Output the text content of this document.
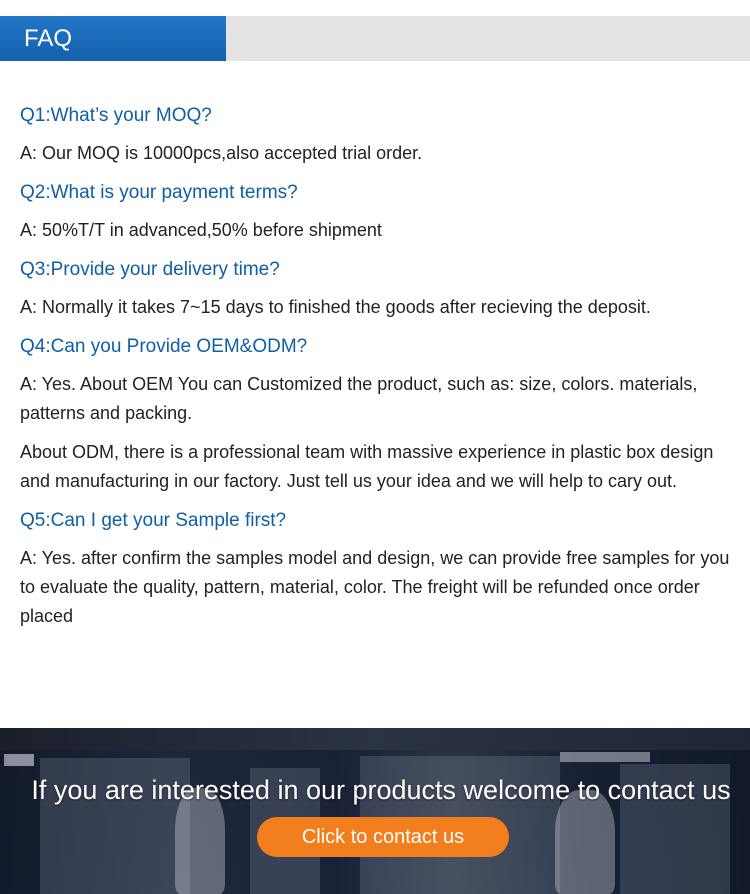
FAQ
Q1:What’s your MOQ?
A: Our MOQ is 10000pcs,also accepted trial order.
Q2:What is your payment terms?
A: 50%T/T in advanced,50% before shipment
Q3:Provide your delivery time?
A: Normally it takes 7~15 days to finished the goods after recieving the deposit.
Q4:Can you Provide OEM&ODM?
A: Yes. About OEM You can Customized the product, such as: size, colors. materials, patterns and packing.
About ODM, there is a professional team with massive experience in plastic box design and manufacturing in our factory. Just tell us your idea and we will help to cary out.
Q5:Can I get your Sample first?
A: Yes. after confirm the samples model and design, we can provide free samples for you to evaluate the quality, pattern, material, color. The freight will be refunded once order placed
If you are interested in our products welcome to contact us
Click to contact us
